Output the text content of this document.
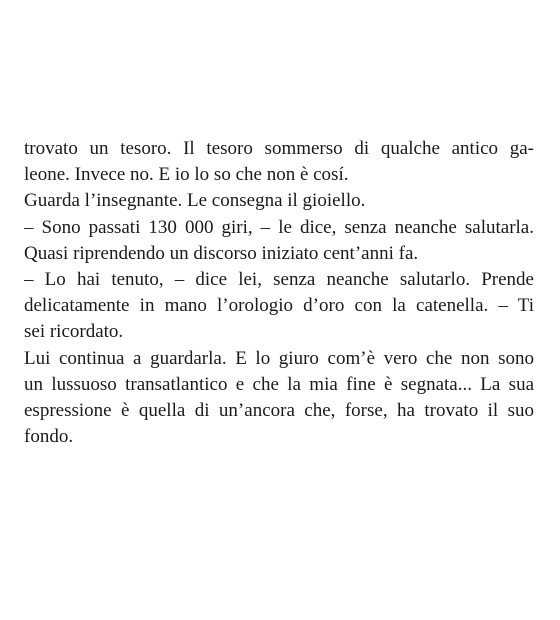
trovato un tesoro. Il tesoro sommerso di qualche antico ga-
leone. Invece no. E io lo so che non è cosí.
Guarda l’insegnante. Le consegna il gioiello.
– Sono passati 130 000 giri, – le dice, senza neanche salutarla.
Quasi riprendendo un discorso iniziato cent’anni fa.
– Lo hai tenuto, – dice lei, senza neanche salutarlo. Prende
delicatamente in mano l’orologio d’oro con la catenella. – Ti
sei ricordato.
Lui continua a guardarla. E lo giuro com’è vero che non sono
un lussuoso transatlantico e che la mia fine è segnata... La sua
espressione è quella di un’ancora che, forse, ha trovato il suo
fondo.
